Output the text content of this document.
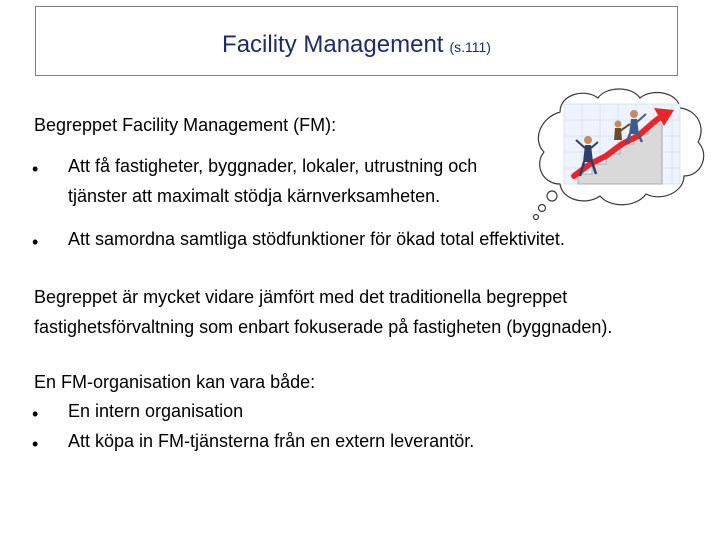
Facility Management (s.111)
Begreppet Facility Management (FM):
• Att få fastigheter, byggnader, lokaler, utrustning och
tjänster att maximalt stödja kärnverksamheten.
• Att samordna samtliga stödfunktioner för ökad total effektivitet.
Begreppet är mycket vidare jämfört med det traditionella begreppet
fastighetsförvaltning som enbart fokuserade på fastigheten (byggnaden).
En FM-organisation kan vara både:
• En intern organisation
• Att köpa in FM-tjänsterna från en extern leverantör.
